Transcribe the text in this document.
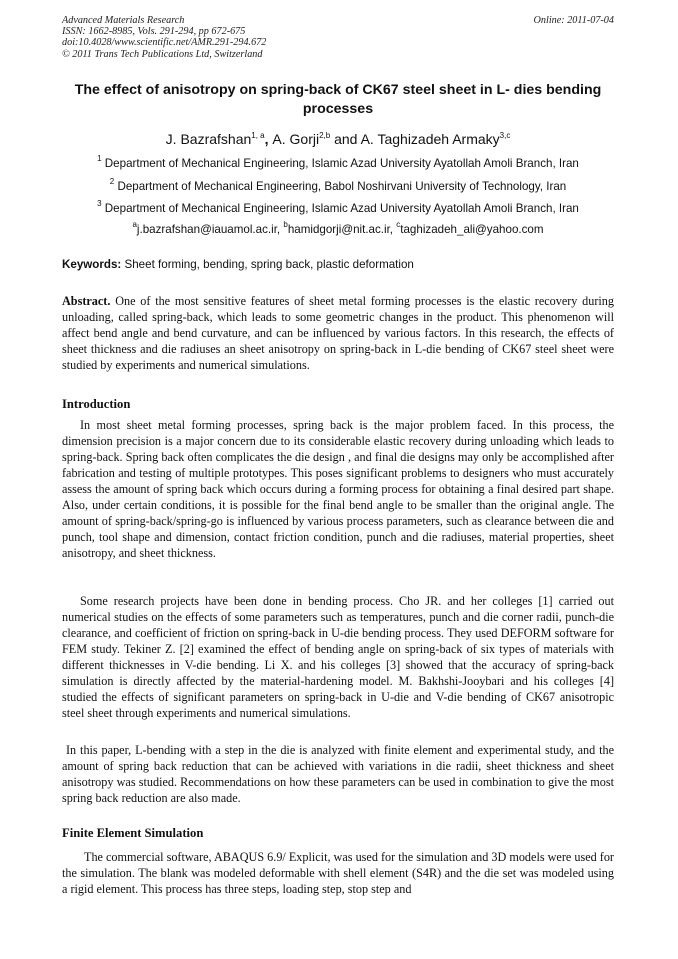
Advanced Materials Research
ISSN: 1662-8985, Vols. 291-294, pp 672-675
doi:10.4028/www.scientific.net/AMR.291-294.672
© 2011 Trans Tech Publications Ltd, Switzerland
Online: 2011-07-04
The effect of anisotropy on spring-back of CK67 steel sheet in L- dies bending processes
J. Bazrafshan$^{1, a}$, A. Gorji$^{2,b}$ and A. Taghizadeh Armaky$^{3,c}$
$^1$ Department of Mechanical Engineering, Islamic Azad University Ayatollah Amoli Branch, Iran
$^2$ Department of Mechanical Engineering, Babol Noshirvani University of Technology, Iran
$^3$ Department of Mechanical Engineering, Islamic Azad University Ayatollah Amoli Branch, Iran
$^a$j.bazrafshan@iauamol.ac.ir, $^b$hamidgorji@nit.ac.ir, $^c$taghizadeh_ali@yahoo.com
Keywords: Sheet forming, bending, spring back, plastic deformation
Abstract. One of the most sensitive features of sheet metal forming processes is the elastic recovery during unloading, called spring-back, which leads to some geometric changes in the product. This phenomenon will affect bend angle and bend curvature, and can be influenced by various factors. In this research, the effects of sheet thickness and die radiuses an sheet anisotropy on spring-back in L-die bending of CK67 steel sheet were studied by experiments and numerical simulations.
Introduction
In most sheet metal forming processes, spring back is the major problem faced. In this process, the dimension precision is a major concern due to its considerable elastic recovery during unloading which leads to spring-back. Spring back often complicates the die design , and final die designs may only be accomplished after fabrication and testing of multiple prototypes. This poses significant problems to designers who must accurately assess the amount of spring back which occurs during a forming process for obtaining a final desired part shape. Also, under certain conditions, it is possible for the final bend angle to be smaller than the original angle. The amount of spring-back/spring-go is influenced by various process parameters, such as clearance between die and punch, tool shape and dimension, contact friction condition, punch and die radiuses, material properties, sheet anisotropy, and sheet thickness.
Some research projects have been done in bending process. Cho JR. and her colleges [1] carried out numerical studies on the effects of some parameters such as temperatures, punch and die corner radii, punch-die clearance, and coefficient of friction on spring-back in U-die bending process. They used DEFORM software for FEM study. Tekiner Z. [2] examined the effect of bending angle on spring-back of six types of materials with different thicknesses in V-die bending. Li X. and his colleges [3] showed that the accuracy of spring-back simulation is directly affected by the material-hardening model. M. Bakhshi-Jooybari and his colleges [4] studied the effects of significant parameters on spring-back in U-die and V-die bending of CK67 anisotropic steel sheet through experiments and numerical simulations.
In this paper, L-bending with a step in the die is analyzed with finite element and experimental study, and the amount of spring back reduction that can be achieved with variations in die radii, sheet thickness and sheet anisotropy was studied. Recommendations on how these parameters can be used in combination to give the most spring back reduction are also made.
Finite Element Simulation
The commercial software, ABAQUS 6.9/ Explicit, was used for the simulation and 3D models were used for the simulation. The blank was modeled deformable with shell element (S4R) and the die set was modeled using a rigid element. This process has three steps, loading step, stop step and
